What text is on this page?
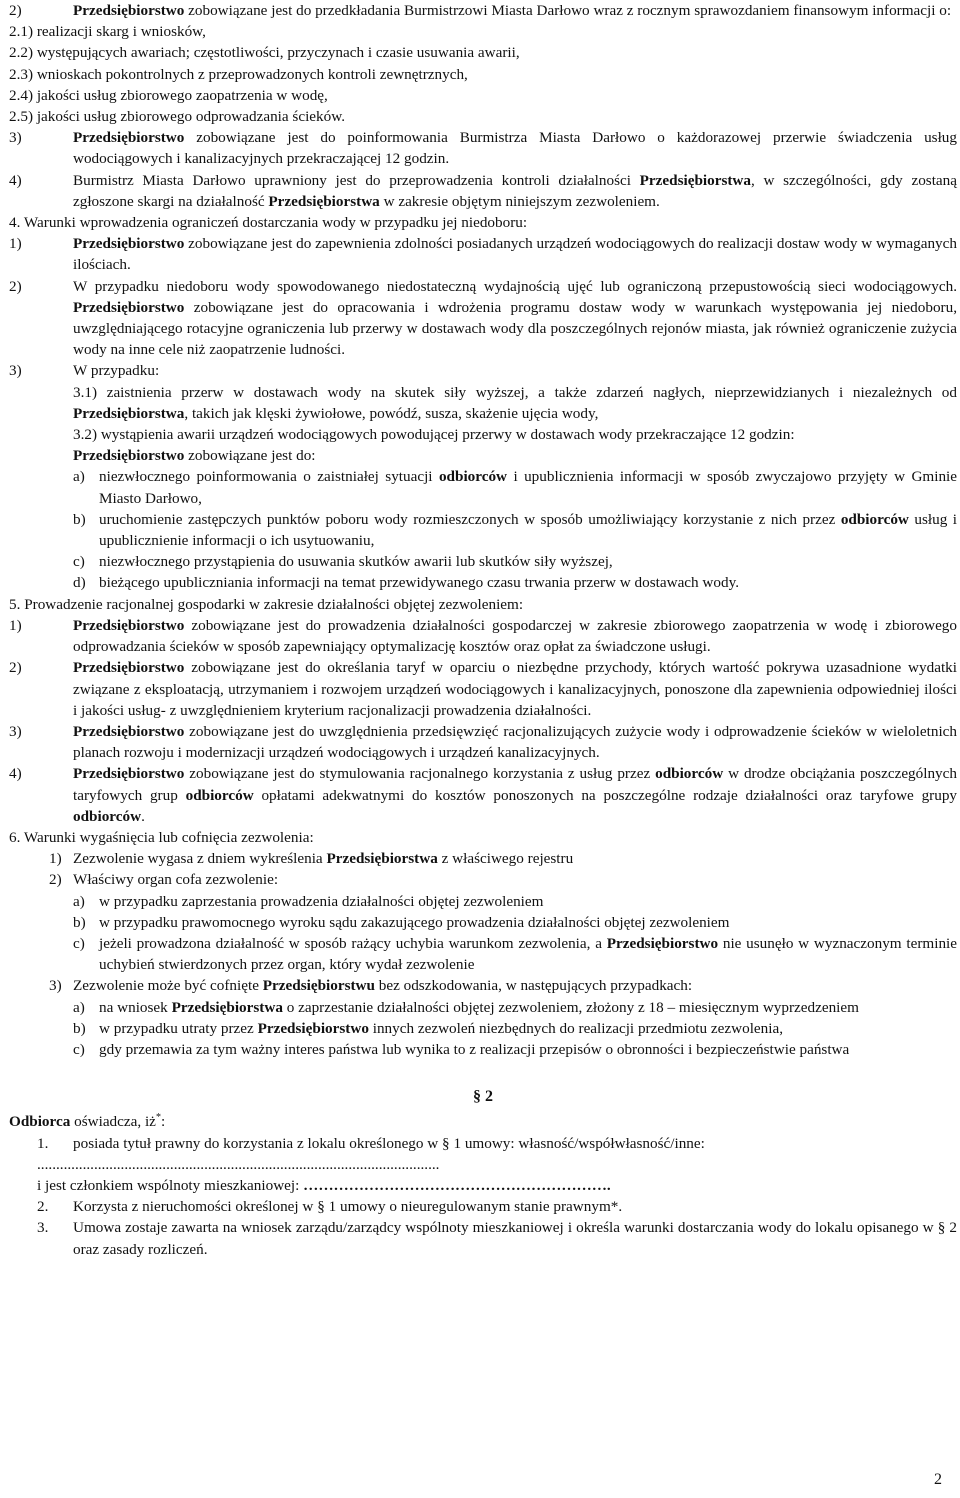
2)	Przedsiębiorstwo zobowiązane jest do przedkładania Burmistrzowi Miasta Darłowo wraz z rocznym sprawozdaniem finansowym informacji o:
2.1) realizacji skarg i wniosków,
2.2) występujących awariach; częstotliwości, przyczynach i czasie usuwania awarii,
2.3) wnioskach pokontrolnych z przeprowadzonych kontroli zewnętrznych,
2.4) jakości usług zbiorowego zaopatrzenia w wodę,
2.5) jakości usług zbiorowego odprowadzania ścieków.
3)	Przedsiębiorstwo zobowiązane jest do poinformowania Burmistrza Miasta Darłowo o każdorazowej przerwie świadczenia usług wodociągowych i kanalizacyjnych przekraczającej 12 godzin.
4)	Burmistrz Miasta Darłowo uprawniony jest do przeprowadzenia kontroli działalności Przedsiębiorstwa, w szczególności, gdy zostaną zgłoszone skargi na działalność Przedsiębiorstwa w zakresie objętym niniejszym zezwoleniem.
4. Warunki wprowadzenia ograniczeń dostarczania wody w przypadku jej niedoboru:
1)	Przedsiębiorstwo zobowiązane jest do zapewnienia zdolności posiadanych urządzeń wodociągowych do realizacji dostaw wody w wymaganych ilościach.
2)	W przypadku niedoboru wody spowodowanego niedostateczną wydajnością ujęć lub ograniczoną przepustowością sieci wodociągowych. Przedsiębiorstwo zobowiązane jest do opracowania i wdrożenia programu dostaw wody w warunkach występowania jej niedoboru, uwzględniającego rotacyjne ograniczenia lub przerwy w dostawach wody dla poszczególnych rejonów miasta, jak również ograniczenie zużycia wody na inne cele niż zaopatrzenie ludności.
3)	W przypadku:
3.1) zaistnienia przerw w dostawach wody na skutek siły wyższej, a także zdarzeń nagłych, nieprzewidzianych i niezależnych od Przedsiębiorstwa, takich jak klęski żywiołowe, powódź, susza, skażenie ujęcia wody,
3.2) wystąpienia awarii urządzeń wodociągowych powodującej przerwy w dostawach wody przekraczające 12 godzin:
Przedsiębiorstwo zobowiązane jest do:
a) niezwłocznego poinformowania o zaistniałej sytuacji odbiorców i upublicznienia informacji w sposób zwyczajowo przyjęty w Gminie Miasto Darłowo,
b) uruchomienie zastępczych punktów poboru wody rozmieszczonych w sposób umożliwiający korzystanie z nich przez odbiorców usług i upublicznienie informacji o ich usytuowaniu,
c) niezwłocznego przystąpienia do usuwania skutków awarii lub skutków siły wyższej,
d) bieżącego upubliczniania informacji na temat przewidywanego czasu trwania przerw w dostawach wody.
5. Prowadzenie racjonalnej gospodarki w zakresie działalności objętej zezwoleniem:
1)	Przedsiębiorstwo zobowiązane jest do prowadzenia działalności gospodarczej w zakresie zbiorowego zaopatrzenia w wodę i zbiorowego odprowadzania ścieków w sposób zapewniający optymalizację kosztów oraz opłat za świadczone usługi.
2)	Przedsiębiorstwo zobowiązane jest do określania taryf w oparciu o niezbędne przychody, których wartość pokrywa uzasadnione wydatki związane z eksploatacją, utrzymaniem i rozwojem urządzeń wodociągowych i kanalizacyjnych, ponoszone dla zapewnienia odpowiedniej ilości i jakości usług- z uwzględnieniem kryterium racjonalizacji prowadzenia działalności.
3)	Przedsiębiorstwo zobowiązane jest do uwzględnienia przedsięwzięć racjonalizujących zużycie wody i odprowadzenie ścieków w wieloletnich planach rozwoju i modernizacji urządzeń wodociągowych i urządzeń kanalizacyjnych.
4)	Przedsiębiorstwo zobowiązane jest do stymulowania racjonalnego korzystania z usług przez odbiorców w drodze obciążania poszczególnych taryfowych grup odbiorców opłatami adekwatnymi do kosztów ponoszonych na poszczególne rodzaje działalności oraz taryfowe grupy odbiorców.
6. Warunki wygaśnięcia lub cofnięcia zezwolenia:
1) Zezwolenie wygasa z dniem wykreślenia Przedsiębiorstwa z właściwego rejestru
2) Właściwy organ cofa zezwolenie:
a) w przypadku zaprzestania prowadzenia działalności objętej zezwoleniem
b) w przypadku prawomocnego wyroku sądu zakazującego prowadzenia działalności objętej zezwoleniem
c) jeżeli prowadzona działalność w sposób rażący uchybia warunkom zezwolenia, a Przedsiębiorstwo nie usunęło w wyznaczonym terminie uchybień stwierdzonych przez organ, który wydał zezwolenie
3) Zezwolenie może być cofnięte Przedsiębiorstwu bez odszkodowania, w następujących przypadkach:
a) na wniosek Przedsiębiorstwa o zaprzestanie działalności objętej zezwoleniem, złożony z 18 – miesięcznym wyprzedzeniem
b) w przypadku utraty przez Przedsiębiorstwo innych zezwoleń niezbędnych do realizacji przedmiotu zezwolenia,
c) gdy przemawia za tym ważny interes państwa lub wynika to z realizacji przepisów o obronności i bezpieczeństwie państwa
§ 2
Odbiorca oświadcza, iż*:
1. posiada tytuł prawny do korzystania z lokalu określonego w § 1 umowy: własność/współwłasność/inne:
..........................................................................................................
i jest członkiem wspólnoty mieszkaniowej: …………………………………………………….
2. Korzysta z nieruchomości określonej w § 1 umowy o nieuregulowanym stanie prawnym*.
3. Umowa zostaje zawarta na wniosek zarządu/zarządcy wspólnoty mieszkaniowej i określa warunki dostarczania wody do lokalu opisanego w § 2 oraz zasady rozliczeń.
2
